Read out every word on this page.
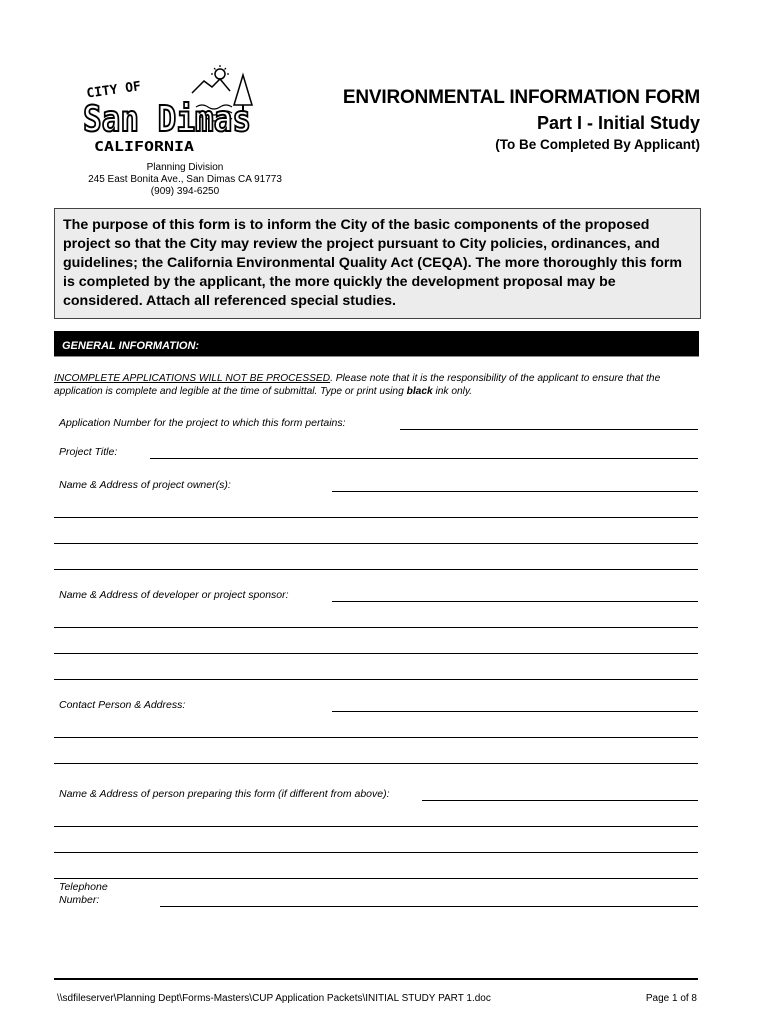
CITY OF
San Dimas
CALIFORNIA
Planning Division
245 East Bonita Ave., San Dimas CA 91773
(909) 394-6250
ENVIRONMENTAL INFORMATION FORM
Part I - Initial Study
(To Be Completed By Applicant)
The purpose of this form is to inform the City of the basic components of the proposed project so that the City may review the project pursuant to City policies, ordinances, and guidelines; the California Environmental Quality Act (CEQA). The more thoroughly this form is completed by the applicant, the more quickly the development proposal may be considered. Attach all referenced special studies.
GENERAL INFORMATION:
INCOMPLETE APPLICATIONS WILL NOT BE PROCESSED. Please note that it is the responsibility of the applicant to ensure that the application is complete and legible at the time of submittal. Type or print using black ink only.
Application Number for the project to which this form pertains:
Project Title:
Name & Address of project owner(s):
Name & Address of developer or project sponsor:
Contact Person & Address:
Name & Address of person preparing this form (if different from above):
Telephone
Number:
\\sdfileserver\Planning Dept\Forms-Masters\CUP Application Packets\INITIAL STUDY PART 1.doc	Page 1 of 8
